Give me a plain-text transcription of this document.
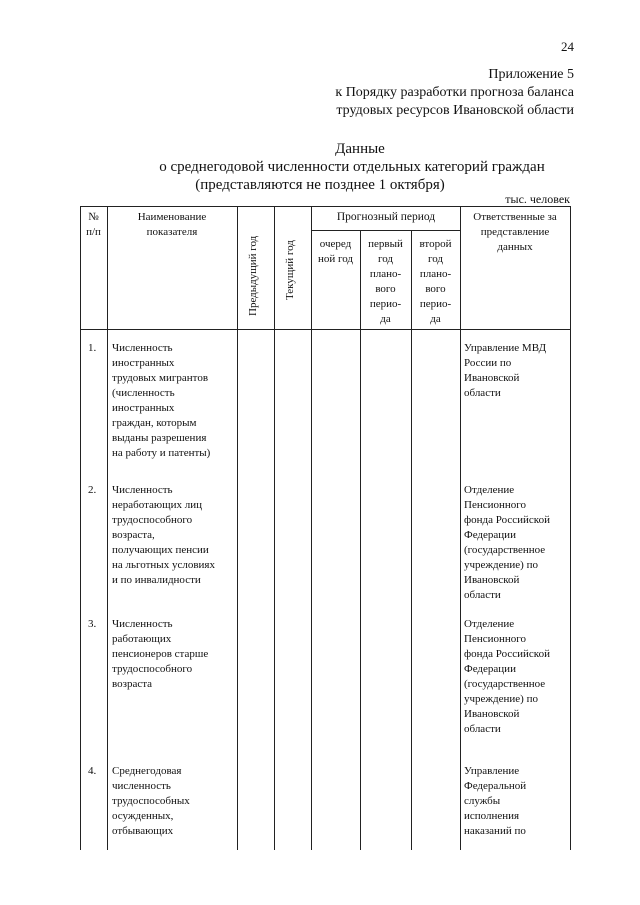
24
Приложение 5
к Порядку разработки прогноза баланса
трудовых ресурсов Ивановской области
Данные
о среднегодовой численности отдельных категорий граждан
(представляются не позднее 1 октября)
тыс. человек
№
п/п
Наименование
показателя
Предыдущий год Текущий год
Прогнозный период
очеред
ной год
первый
год
плано-
вого
перио-
да
второй
год
плано-
вого
перио-
да
Ответственные за
представление
данных
1. Численность
иностранных
трудовых мигрантов
(численность
иностранных
граждан, которым
выданы разрешения
на работу и патенты)
Управление МВД
России по
Ивановской
области
2. Численность
неработающих лиц
трудоспособного
возраста,
получающих пенсии
на льготных условиях
и по инвалидности
Отделение
Пенсионного
фонда Российской
Федерации
(государственное
учреждение) по
Ивановской
области
3. Численность
работающих
пенсионеров старше
трудоспособного
возраста
Отделение
Пенсионного
фонда Российской
Федерации
(государственное
учреждение) по
Ивановской
области
4. Среднегодовая
численность
трудоспособных
осужденных,
отбывающих
Управление
Федеральной
службы
исполнения
наказаний по
